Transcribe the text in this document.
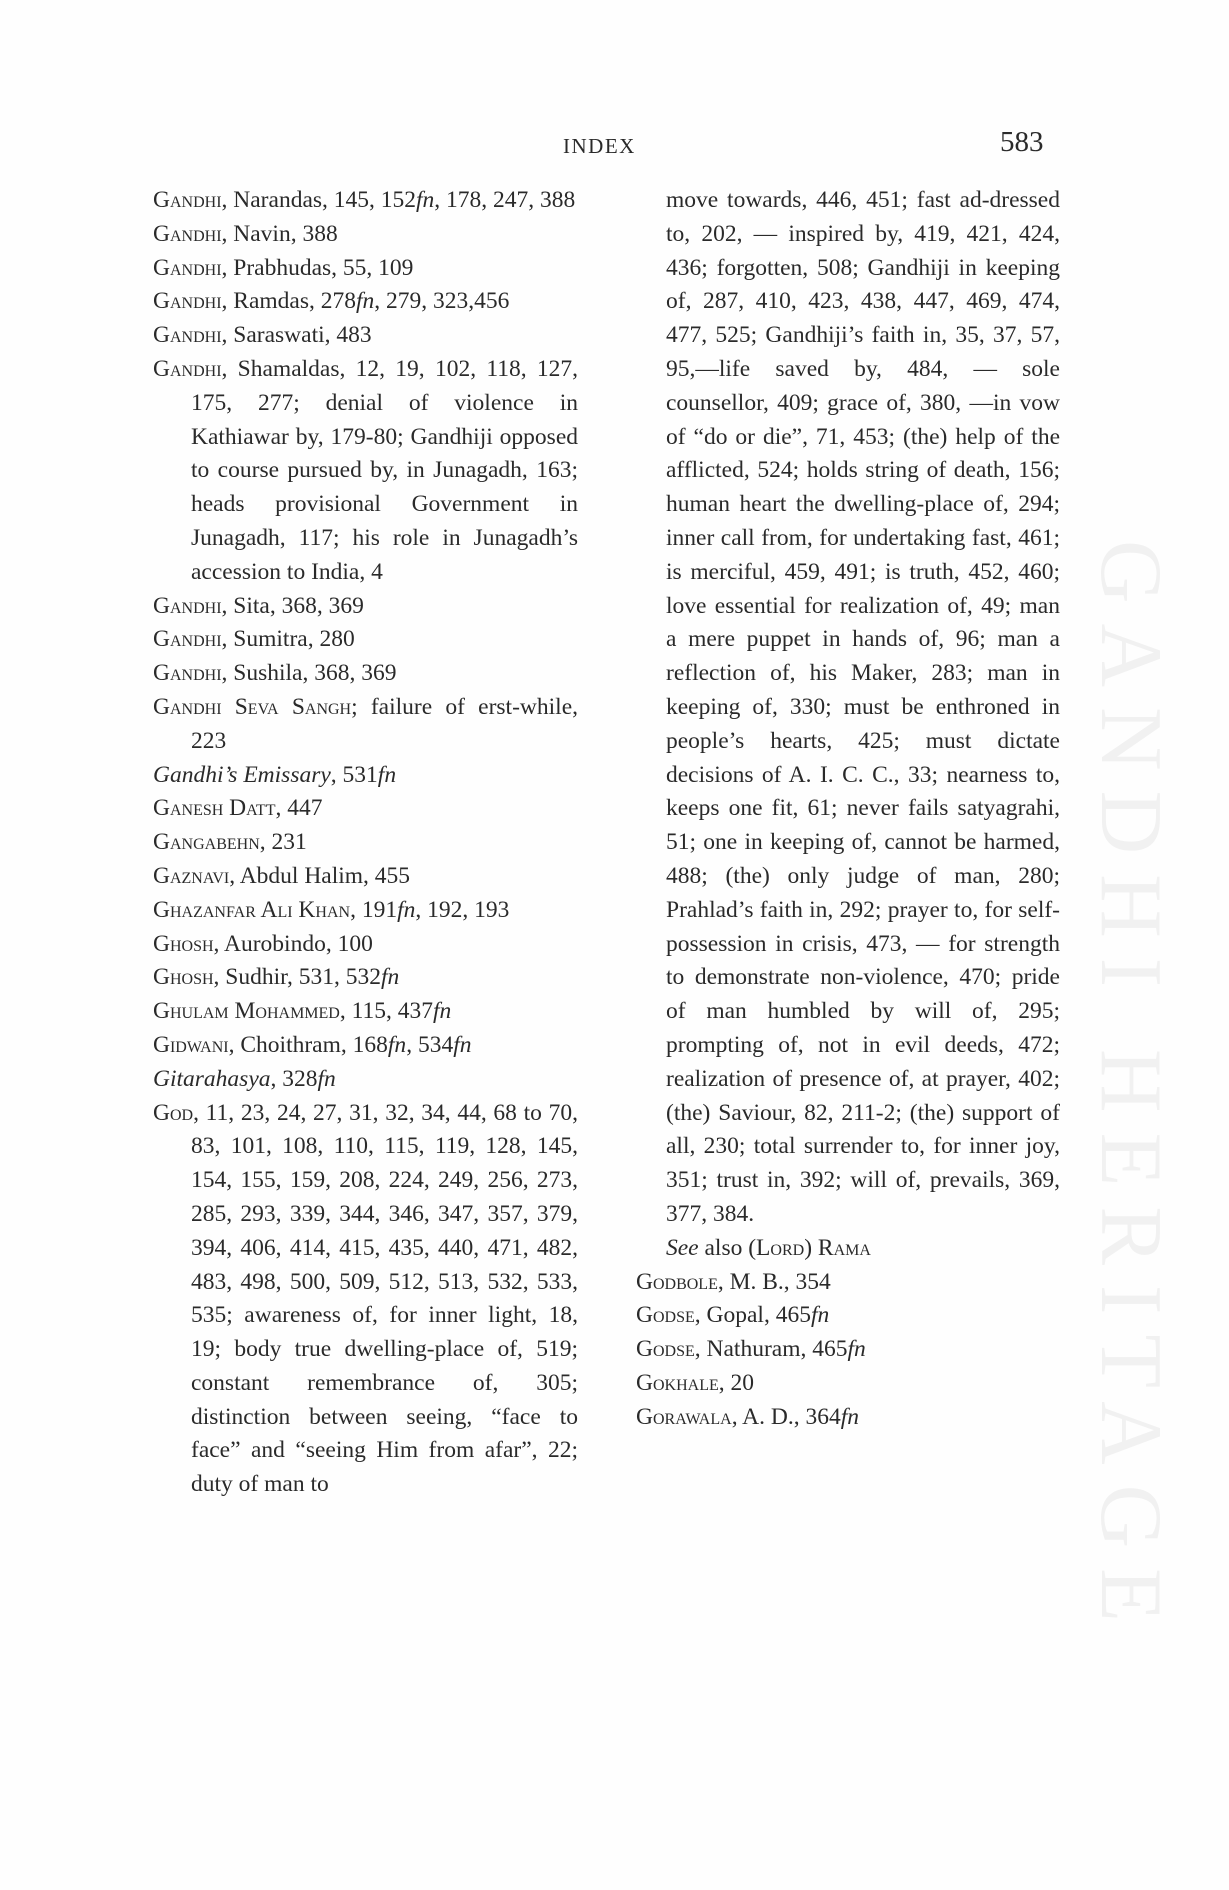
INDEX	583
GANDHI HERITAGE
Gandhi, Narandas, 145, 152fn, 178, 247, 388
Gandhi, Navin, 388
Gandhi, Prabhudas, 55, 109
Gandhi, Ramdas, 278fn, 279, 323,456
Gandhi, Saraswati, 483
Gandhi, Shamaldas, 12, 19, 102, 118, 127, 175, 277; denial of violence in Kathiawar by, 179-80; Gandhiji opposed to course pursued by, in Junagadh, 163; heads provisional Government in Junagadh, 117; his role in Junagadh’s accession to India, 4
Gandhi, Sita, 368, 369
Gandhi, Sumitra, 280
Gandhi, Sushila, 368, 369
Gandhi Seva Sangh; failure of erst-while, 223
Gandhi’s Emissary, 531fn
Ganesh Datt, 447
Gangabehn, 231
Gaznavi, Abdul Halim, 455
Ghazanfar Ali Khan, 191fn, 192, 193
Ghosh, Aurobindo, 100
Ghosh, Sudhir, 531, 532fn
Ghulam Mohammed, 115, 437fn
Gidwani, Choithram, 168fn, 534fn
Gitarahasya, 328fn
God, 11, 23, 24, 27, 31, 32, 34, 44, 68 to 70, 83, 101, 108, 110, 115, 119, 128, 145, 154, 155, 159, 208, 224, 249, 256, 273, 285, 293, 339, 344, 346, 347, 357, 379, 394, 406, 414, 415, 435, 440, 471, 482, 483, 498, 500, 509, 512, 513, 532, 533, 535; awareness of, for inner light, 18, 19; body true dwelling-place of, 519; constant remembrance of, 305; distinction between seeing, “face to face” and “seeing Him from afar”, 22; duty of man to
move towards, 446, 451; fast ad-dressed to, 202, — inspired by, 419, 421, 424, 436; forgotten, 508; Gandhiji in keeping of, 287, 410, 423, 438, 447, 469, 474, 477, 525; Gandhiji’s faith in, 35, 37, 57, 95,—life saved by, 484, — sole counsellor, 409; grace of, 380, —in vow of “do or die”, 71, 453; (the) help of the afflicted, 524; holds string of death, 156; human heart the dwelling-place of, 294; inner call from, for undertaking fast, 461; is merciful, 459, 491; is truth, 452, 460; love essential for realization of, 49; man a mere puppet in hands of, 96; man a reflection of, his Maker, 283; man in keeping of, 330; must be enthroned in people’s hearts, 425; must dictate decisions of A. I. C. C., 33; nearness to, keeps one fit, 61; never fails satyagrahi, 51; one in keeping of, cannot be harmed, 488; (the) only judge of man, 280; Prahlad’s faith in, 292; prayer to, for self-possession in crisis, 473, — for strength to demonstrate non-violence, 470; pride of man humbled by will of, 295; prompting of, not in evil deeds, 472; realization of presence of, at prayer, 402; (the) Saviour, 82, 211-2; (the) support of all, 230; total surrender to, for inner joy, 351; trust in, 392; will of, prevails, 369, 377, 384.
See also (Lord) Rama
Godbole, M. B., 354
Godse, Gopal, 465fn
Godse, Nathuram, 465fn
Gokhale, 20
Gorawala, A. D., 364fn
